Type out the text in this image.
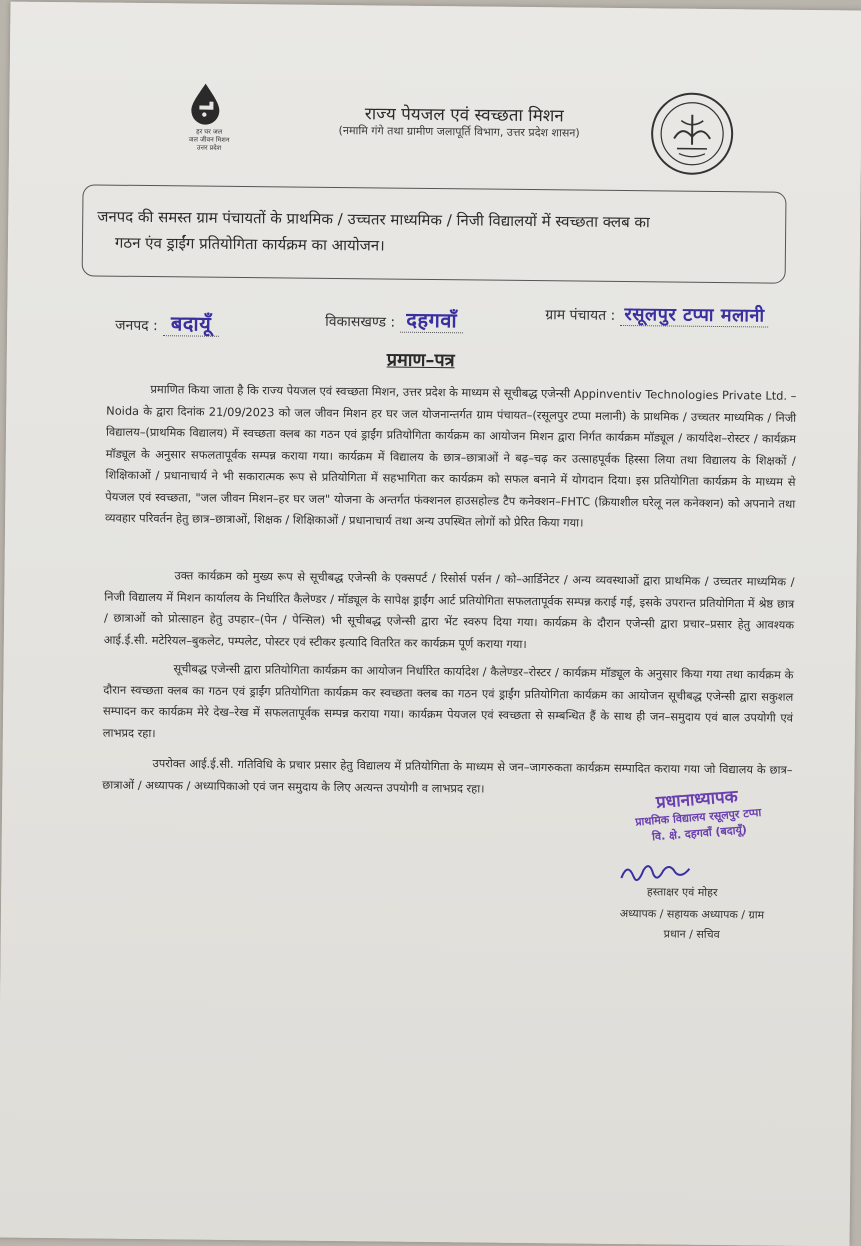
हर घर जल
जल जीवन मिशन
उत्तर प्रदेश
राज्य पेयजल एवं स्वच्छता मिशन
(नमामि गंगे तथा ग्रामीण जलापूर्ति विभाग, उत्तर प्रदेश शासन)
जनपद की समस्त ग्राम पंचायतों के प्राथमिक / उच्चतर माध्यमिक / निजी विद्यालयों में स्वच्छता क्लब का
गठन एंव ड्राईंग प्रतियोगिता कार्यक्रम का आयोजन।
जनपद : बदायूँ	विकासखण्ड : दहगवाँ	ग्राम पंचायत : रसूलपुर टप्पा मलानी
प्रमाण–पत्र
प्रमाणित किया जाता है कि राज्य पेयजल एवं स्वच्छता मिशन, उत्तर प्रदेश के माध्यम से सूचीबद्ध एजेन्सी Appinventiv Technologies Private Ltd. – Noida के द्वारा दिनांक 21/09/2023 को जल जीवन मिशन हर घर जल योजनान्तर्गत ग्राम पंचायत–(रसूलपुर टप्पा मलानी) के प्राथमिक / उच्चतर माध्यमिक / निजी विद्यालय–(प्राथमिक विद्यालय) में स्वच्छता क्लब का गठन एवं ड्राईंग प्रतियोगिता कार्यक्रम का आयोजन मिशन द्वारा निर्गत कार्यक्रम मॉड्यूल / कार्यादेश–रोस्टर / कार्यक्रम मॉड्यूल के अनुसार सफलतापूर्वक सम्पन्न कराया गया। कार्यक्रम में विद्यालय के छात्र–छात्राओं ने बढ़–चढ़ कर उत्साहपूर्वक हिस्सा लिया तथा विद्यालय के शिक्षकों / शिक्षिकाओं / प्रधानाचार्य ने भी सकारात्मक रूप से प्रतियोगिता में सहभागिता कर कार्यक्रम को सफल बनाने में योगदान दिया। इस प्रतियोगिता कार्यक्रम के माध्यम से पेयजल एवं स्वच्छता, "जल जीवन मिशन–हर घर जल" योजना के अन्तर्गत फंक्शनल हाउसहोल्ड टैप कनेक्शन–FHTC (क्रियाशील घरेलू नल कनेक्शन) को अपनाने तथा व्यवहार परिवर्तन हेतु छात्र–छात्राओं, शिक्षक / शिक्षिकाओं / प्रधानाचार्य तथा अन्य उपस्थित लोगों को प्रेरित किया गया।
उक्त कार्यक्रम को मुख्य रूप से सूचीबद्ध एजेन्सी के एक्सपर्ट / रिसोर्स पर्सन / को–आर्डिनेटर / अन्य व्यवस्थाओं द्वारा प्राथमिक / उच्चतर माध्यमिक / निजी विद्यालय में मिशन कार्यालय के निर्धारित कैलेण्डर / मॉड्यूल के सापेक्ष ड्राईंग आर्ट प्रतियोगिता सफलतापूर्वक सम्पन्न कराई गई, इसके उपरान्त प्रतियोगिता में श्रेष्ठ छात्र / छात्राओं को प्रोत्साहन हेतु उपहार–(पेन / पेन्सिल) भी सूचीबद्ध एजेन्सी द्वारा भेंट स्वरुप दिया गया। कार्यक्रम के दौरान एजेन्सी द्वारा प्रचार–प्रसार हेतु आवश्यक आई.ई.सी. मटेरियल–बुकलेट, पम्पलेट, पोस्टर एवं स्टीकर इत्यादि वितरित कर कार्यक्रम पूर्ण कराया गया।
सूचीबद्ध एजेन्सी द्वारा प्रतियोगिता कार्यक्रम का आयोजन निर्धारित कार्यादेश / कैलेण्डर–रोस्टर / कार्यक्रम मॉड्यूल के अनुसार किया गया तथा कार्यक्रम के दौरान स्वच्छता क्लब का गठन एवं ड्राईंग प्रतियोगिता कार्यक्रम कर स्वच्छता क्लब का गठन एवं ड्राईंग प्रतियोगिता कार्यक्रम का आयोजन सूचीबद्ध एजेन्सी द्वारा सकुशल सम्पादन कर कार्यक्रम मेरे देख–रेख में सफलतापूर्वक सम्पन्न कराया गया। कार्यक्रम पेयजल एवं स्वच्छता से सम्बन्धित हैं के साथ ही जन–समुदाय एवं बाल उपयोगी एवं लाभप्रद रहा।
उपरोक्त आई.ई.सी. गतिविधि के प्रचार प्रसार हेतु विद्यालय में प्रतियोगिता के माध्यम से जन–जागरुकता कार्यक्रम सम्पादित कराया गया जो विद्यालय के छात्र–छात्राओं / अध्यापक / अध्यापिकाओ एवं जन समुदाय के लिए अत्यन्त उपयोगी व लाभप्रद रहा।
प्रधानाध्यापक
प्राथमिक विद्यालय रसूलपुर टप्पा
वि. क्षे. दहगवाँ (बदायूँ)
हस्ताक्षर एवं मोहर
अध्यापक / सहायक अध्यापक / ग्राम
प्रधान / सचिव
